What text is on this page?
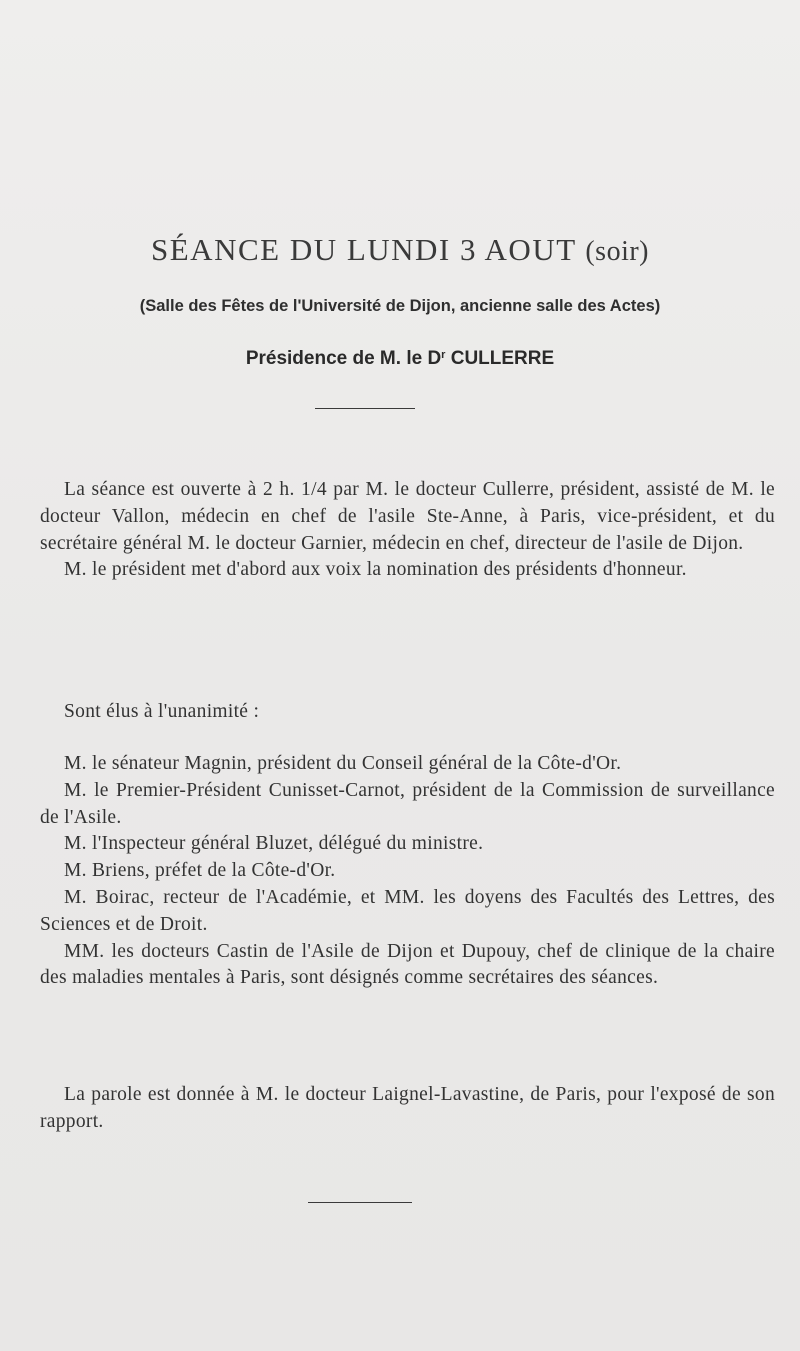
SÉANCE DU LUNDI 3 AOUT (soir)
(Salle des Fêtes de l'Université de Dijon, ancienne salle des Actes)
Présidence de M. le $D^r$ CULLERRE

La séance est ouverte à 2 h. 1/4 par M. le docteur Cullerre, président, assisté de M. le docteur Vallon, médecin en chef de l'asile Ste-Anne, à Paris, vice-président, et du secrétaire général M. le docteur Garnier, médecin en chef, directeur de l'asile de Dijon.

M. le président met d'abord aux voix la nomination des présidents d'honneur.

Sont élus à l'unanimité :

M. le sénateur Magnin, président du Conseil général de la Côte-d'Or.

M. le Premier-Président Cunisset-Carnot, président de la Commission de surveillance de l'Asile.

M. l'Inspecteur général Bluzet, délégué du ministre.

M. Briens, préfet de la Côte-d'Or.

M. Boirac, recteur de l'Académie, et MM. les doyens des Facultés des Lettres, des Sciences et de Droit.

MM. les docteurs Castin de l'Asile de Dijon et Dupouy, chef de clinique de la chaire des maladies mentales à Paris, sont désignés comme secrétaires des séances.

La parole est donnée à M. le docteur Laignel-Lavastine, de Paris, pour l'exposé de son rapport.
